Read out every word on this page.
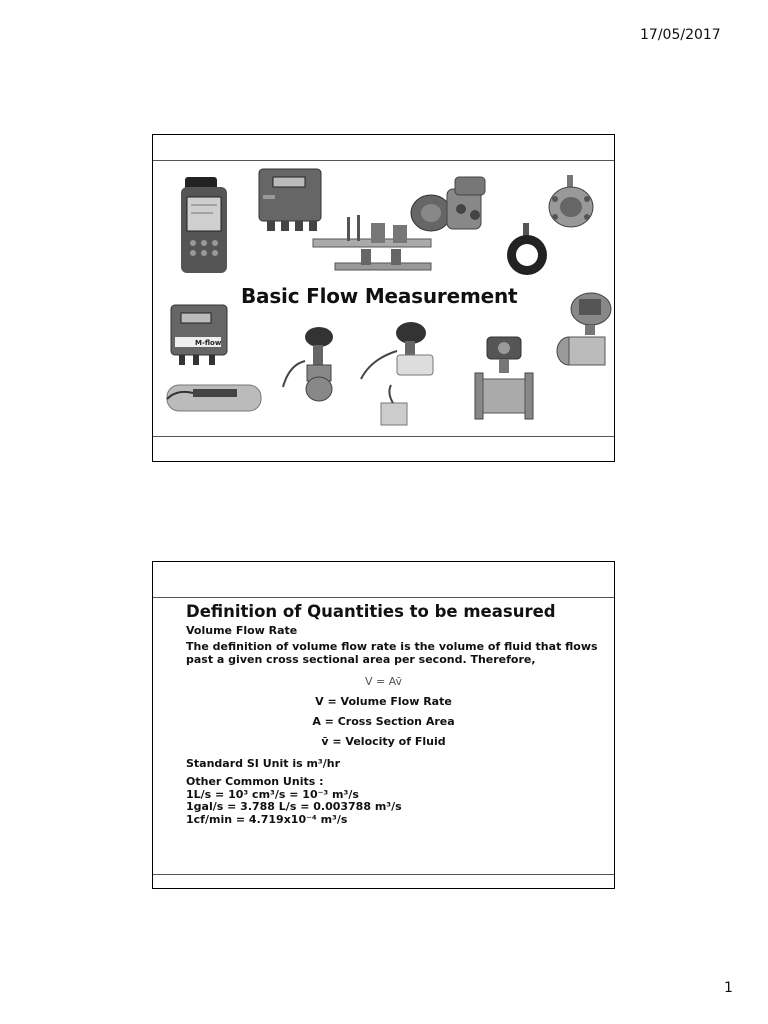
17/05/2017
Basic Flow Measurement
M-flow
Definition of Quantities to be measured
Volume Flow Rate
The definition of volume flow rate is the volume of fluid that flows past a given cross sectional area per second. Therefore,
V = Av̄
V = Volume Flow Rate
A = Cross Section Area
v̄ = Velocity of Fluid
Standard SI Unit is m³/hr
Other Common Units :
1L/s = 10³ cm³/s = 10⁻³ m³/s
1gal/s = 3.788 L/s = 0.003788 m³/s
1cf/min = 4.719x10⁻⁴ m³/s
1
